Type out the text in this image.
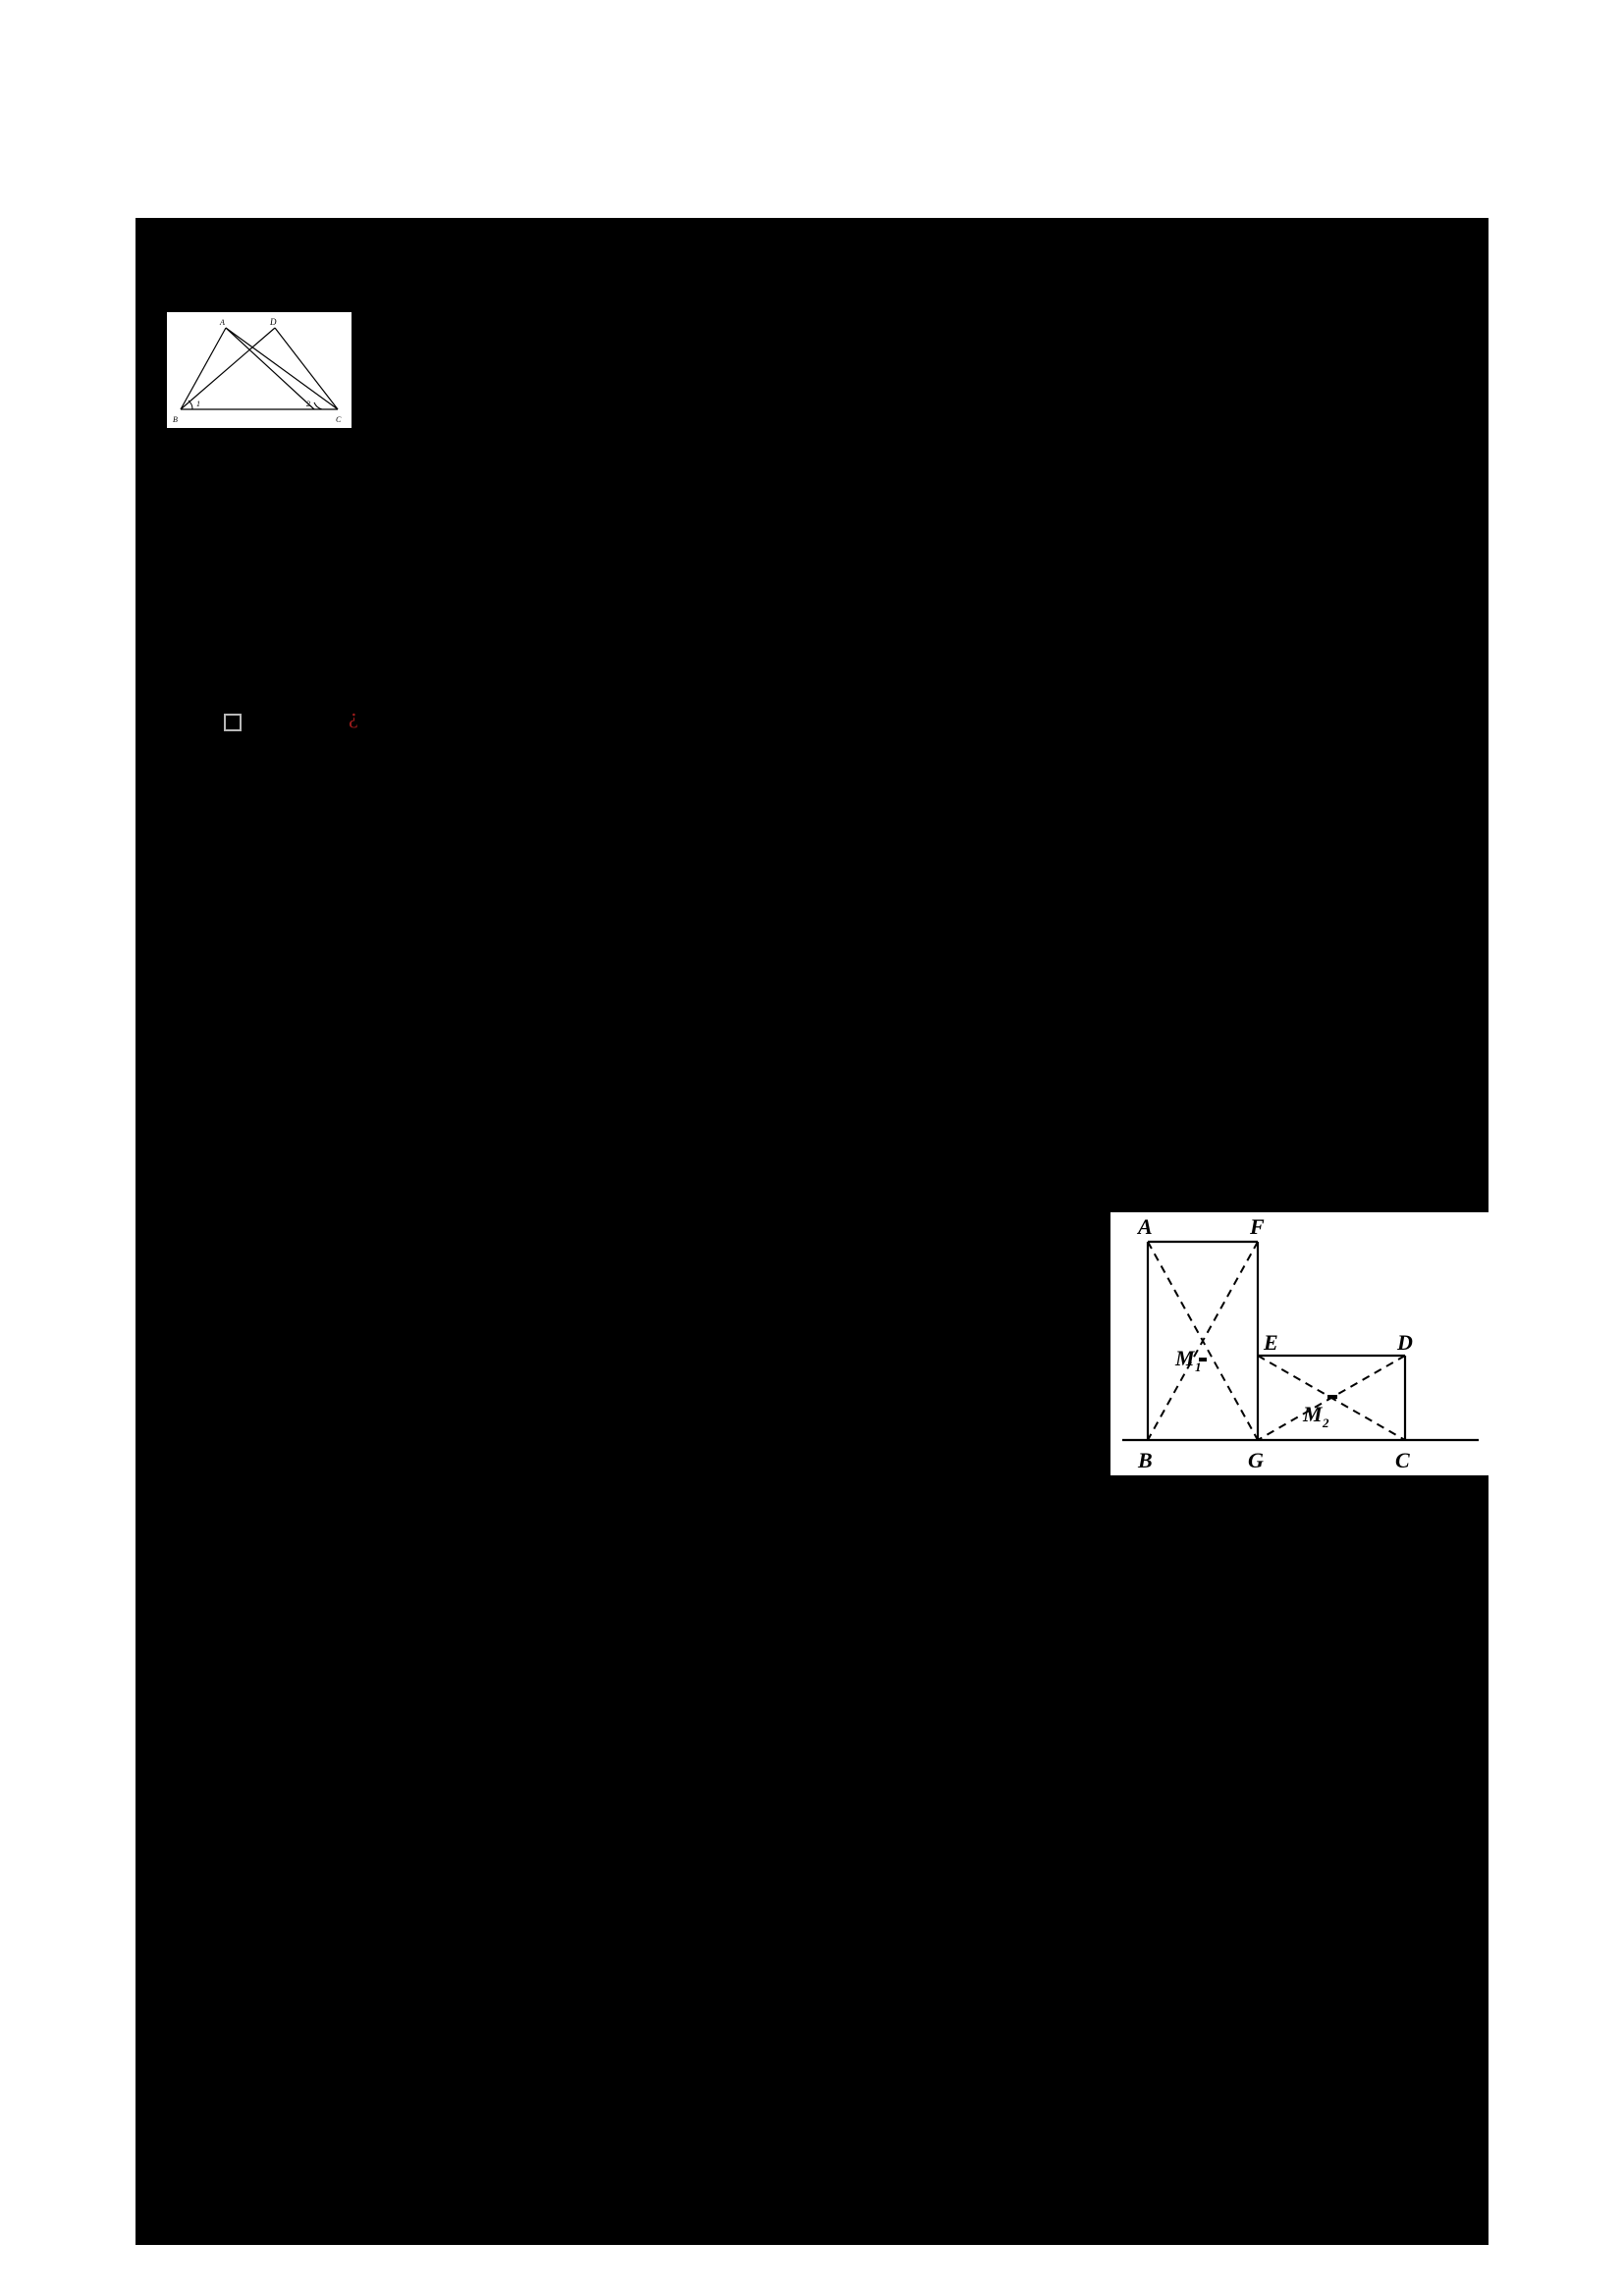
A	D
B	C
1	2
¿
A	F
E	D
B	G	C
M 1
M 2
